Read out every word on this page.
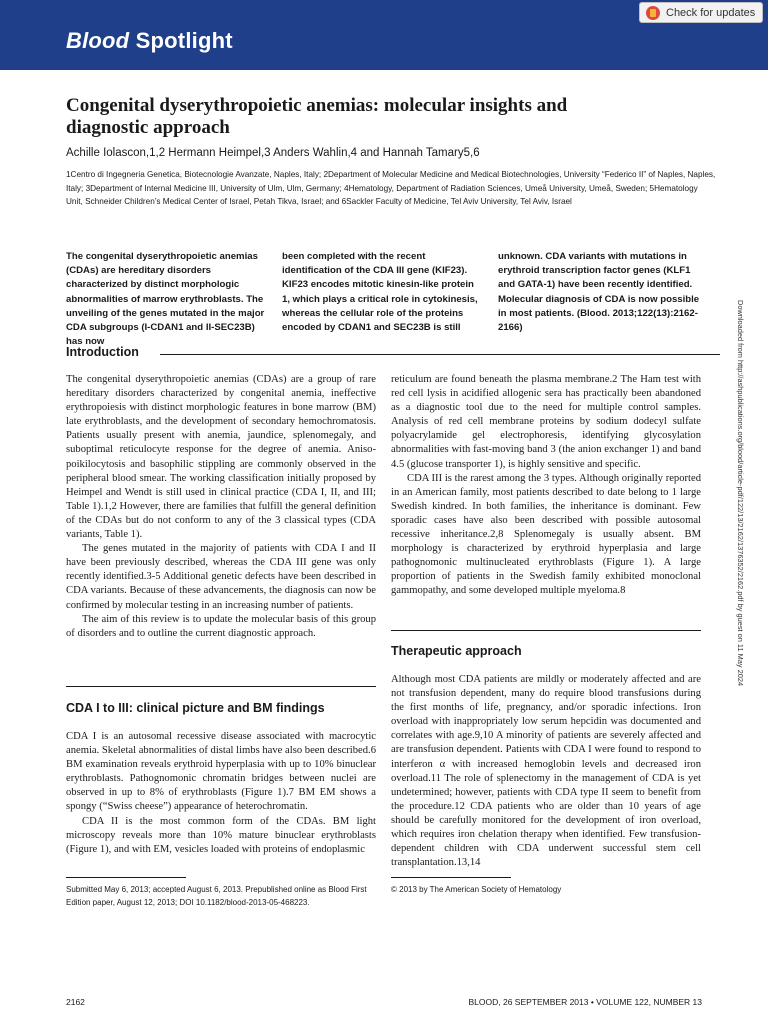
Blood Spotlight
Check for updates
Congenital dyserythropoietic anemias: molecular insights and diagnostic approach
Achille Iolascon,1,2 Hermann Heimpel,3 Anders Wahlin,4 and Hannah Tamary5,6
1Centro di Ingegneria Genetica, Biotecnologie Avanzate, Naples, Italy; 2Department of Molecular Medicine and Medical Biotechnologies, University “Federico II” of Naples, Naples, Italy; 3Department of Internal Medicine III, University of Ulm, Ulm, Germany; 4Hematology, Department of Radiation Sciences, Umeå University, Umeå, Sweden; 5Hematology Unit, Schneider Children’s Medical Center of Israel, Petah Tikva, Israel; and 6Sackler Faculty of Medicine, Tel Aviv University, Tel Aviv, Israel
The congenital dyserythropoietic anemias (CDAs) are hereditary disorders characterized by distinct morphologic abnormalities of marrow erythroblasts. The unveiling of the genes mutated in the major CDA subgroups (I-CDAN1 and II-SEC23B) has now
been completed with the recent identification of the CDA III gene (KIF23). KIF23 encodes mitotic kinesin-like protein 1, which plays a critical role in cytokinesis, whereas the cellular role of the proteins encoded by CDAN1 and SEC23B is still
unknown. CDA variants with mutations in erythroid transcription factor genes (KLF1 and GATA-1) have been recently identified. Molecular diagnosis of CDA is now possible in most patients. (Blood. 2013;122(13):2162-2166)	Downloaded from http://ashpublications.org/blood/article-pdf/122/13/2162/1376352/2162.pdf by guest on 11 May 2024
Introduction

The congenital dyserythropoietic anemias (CDAs) are a group of rare hereditary disorders characterized by congenital anemia, ineffective erythropoiesis with distinct morphologic features in bone marrow (BM) late erythroblasts, and the development of secondary hemochromatosis. Patients usually present with anemia, jaundice, splenomegaly, and suboptimal reticulocyte response for the degree of anemia. Aniso-poikilocytosis and basophilic stippling are commonly observed in the peripheral blood smear. The working classification initially proposed by Heimpel and Wendt is still used in clinical practice (CDA I, II, and III; Table 1).1,2 However, there are families that fulfill the general definition of the CDAs but do not conform to any of the 3 classical types (CDA variants, Table 1).

The genes mutated in the majority of patients with CDA I and II have been previously described, whereas the CDA III gene was only recently identified.3-5 Additional genetic defects have been described in CDA variants. Because of these advancements, the diagnosis can now be confirmed by molecular testing in an increasing number of patients.

The aim of this review is to update the molecular basis of this group of disorders and to outline the current diagnostic approach.

CDA I to III: clinical picture and BM findings

CDA I is an autosomal recessive disease associated with macrocytic anemia. Skeletal abnormalities of distal limbs have also been described.6 BM examination reveals erythroid hyperplasia with up to 10% binuclear erythroblasts. Pathognomonic chromatin bridges between nuclei are observed in up to 8% of erythroblasts (Figure 1).7 BM EM shows a spongy (“Swiss cheese”) appearance of heterochromatin.

CDA II is the most common form of the CDAs. BM light microscopy reveals more than 10% mature binuclear erythroblasts (Figure 1), and with EM, vesicles loaded with proteins of endoplasmic

reticulum are found beneath the plasma membrane.2 The Ham test with red cell lysis in acidified allogenic sera has practically been abandoned as a diagnostic tool due to the need for multiple control samples. Analysis of red cell membrane proteins by sodium dodecyl sulfate polyacrylamide gel electrophoresis, identifying glycosylation abnormalities with fast-moving band 3 (the anion exchanger 1) and band 4.5 (glucose transporter 1), is highly sensitive and specific.

CDA III is the rarest among the 3 types. Although originally reported in an American family, most patients described to date belong to 1 large Swedish kindred. In both families, the inheritance is dominant. Few sporadic cases have also been described with possible autosomal recessive inheritance.2,8 Splenomegaly is usually absent. BM morphology is characterized by erythroid hyperplasia and large pathognomonic multinucleated erythroblasts (Figure 1). A large proportion of patients in the Swedish family exhibited monoclonal gammopathy, and some developed multiple myeloma.8

Therapeutic approach

Although most CDA patients are mildly or moderately affected and are not transfusion dependent, many do require blood transfusions during the first months of life, pregnancy, and/or sporadic infections. Iron overload with inappropriately low serum hepcidin was documented and correlates with age.9,10 A minority of patients are severely affected and are transfusion dependent. Patients with CDA I were found to respond to interferon α with increased hemoglobin levels and decreased iron overload.11 The role of splenectomy in the management of CDA is yet undetermined; however, patients with CDA type II seem to benefit from the procedure.12 CDA patients who are older than 10 years of age should be carefully monitored for the development of iron overload, which requires iron chelation therapy when identified. Few transfusion-dependent children with CDA underwent successful stem cell transplantation.13,14

Submitted May 6, 2013; accepted August 6, 2013. Prepublished online as Blood First Edition paper, August 12, 2013; DOI 10.1182/blood-2013-05-468223.
© 2013 by The American Society of Hematology
2162	BLOOD, 26 SEPTEMBER 2013 • VOLUME 122, NUMBER 13
